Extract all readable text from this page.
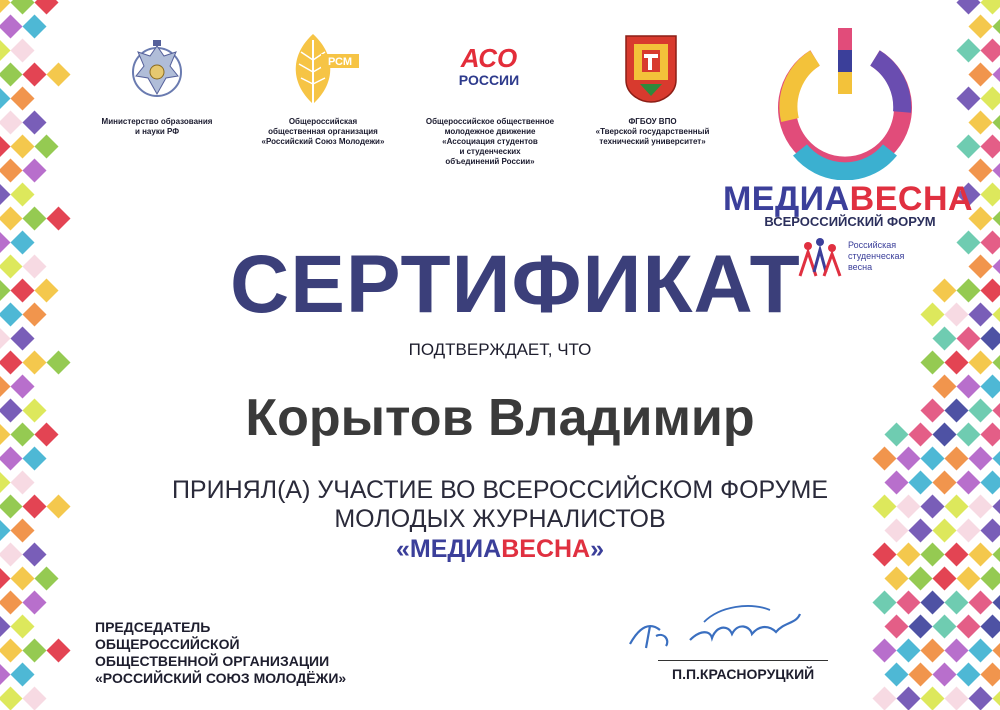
Министерство образования
и науки РФ
РСМ
Общероссийская
общественная организация
«Российский Союз Молодежи»
АСО
РОССИИ
Общероссийское общественное
молодежное движение
«Ассоциация студентов
и студенческих
объединений России»
ФГБОУ ВПО
«Тверской государственный
технический университет»
МЕДИАВЕСНА
ВСЕРОССИЙСКИЙ ФОРУМ
Российская
студенческая
весна
СЕРТИФИКАТ
ПОДТВЕРЖДАЕТ, ЧТО
Корытов Владимир
ПРИНЯЛ(А) УЧАСТИЕ ВО ВСЕРОССИЙСКОМ ФОРУМЕ
МОЛОДЫХ ЖУРНАЛИСТОВ
«МЕДИАВЕСНА»
ПРЕДСЕДАТЕЛЬ
ОБЩЕРОССИЙСКОЙ
ОБЩЕСТВЕННОЙ ОРГАНИЗАЦИИ
«РОССИЙСКИЙ СОЮЗ МОЛОДЁЖИ»	П.П.КРАСНОРУЦКИЙ
